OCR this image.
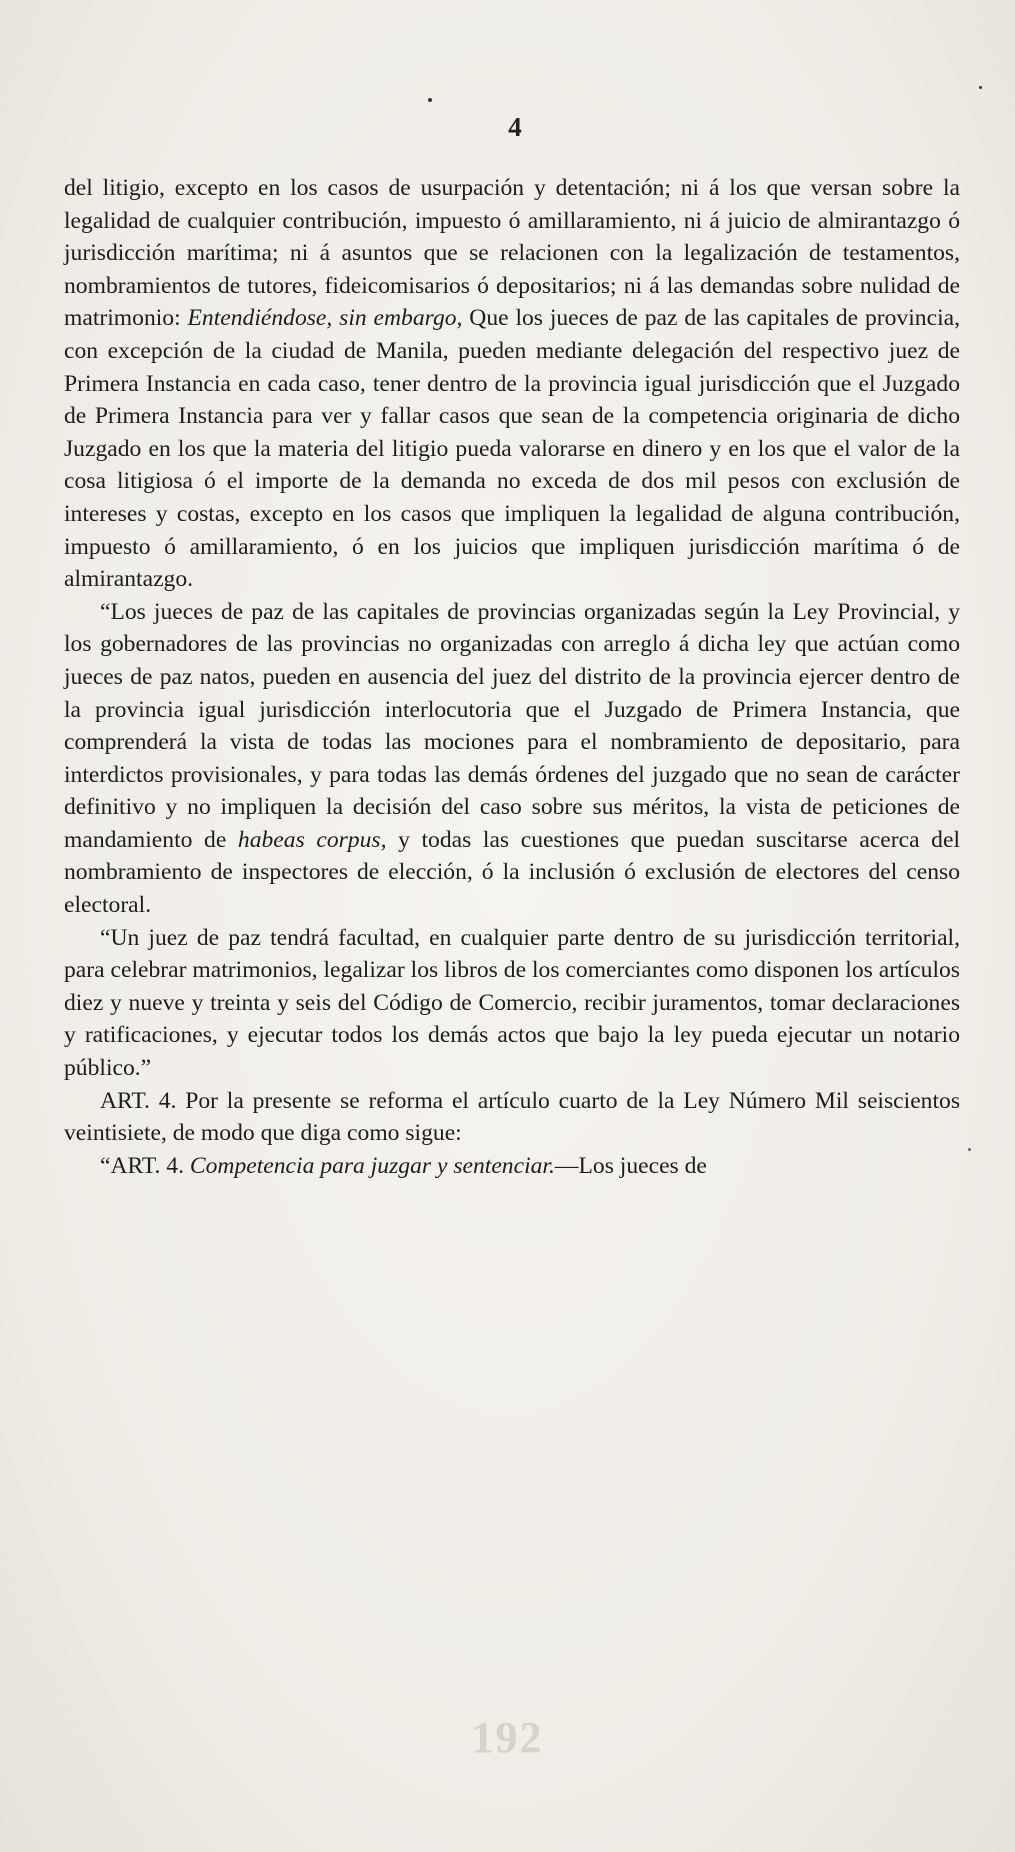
4

del litigio, excepto en los casos de usurpación y detentación; ni á los que versan sobre la legalidad de cualquier contribución, impuesto ó amillaramiento, ni á juicio de almirantazgo ó jurisdicción marítima; ni á asuntos que se relacionen con la legalización de testamentos, nombramientos de tutores, fideicomisarios ó depositarios; ni á las demandas sobre nulidad de matrimonio: Entendiéndose, sin embargo, Que los jueces de paz de las capitales de provincia, con excepción de la ciudad de Manila, pueden mediante delegación del respectivo juez de Primera Instancia en cada caso, tener dentro de la provincia igual jurisdicción que el Juzgado de Primera Instancia para ver y fallar casos que sean de la competencia originaria de dicho Juzgado en los que la materia del litigio pueda valorarse en dinero y en los que el valor de la cosa litigiosa ó el importe de la demanda no exceda de dos mil pesos con exclusión de intereses y costas, excepto en los casos que impliquen la legalidad de alguna contribución, impuesto ó amillaramiento, ó en los juicios que impliquen jurisdicción marítima ó de almirantazgo.

“Los jueces de paz de las capitales de provincias organizadas según la Ley Provincial, y los gobernadores de las provincias no organizadas con arreglo á dicha ley que actúan como jueces de paz natos, pueden en ausencia del juez del distrito de la provincia ejercer dentro de la provincia igual jurisdicción interlocutoria que el Juzgado de Primera Instancia, que comprenderá la vista de todas las mociones para el nombramiento de depositario, para interdictos provisionales, y para todas las demás órdenes del juzgado que no sean de carácter definitivo y no impliquen la decisión del caso sobre sus méritos, la vista de peticiones de mandamiento de habeas corpus, y todas las cuestiones que puedan suscitarse acerca del nombramiento de inspectores de elección, ó la inclusión ó exclusión de electores del censo electoral.

“Un juez de paz tendrá facultad, en cualquier parte dentro de su jurisdicción territorial, para celebrar matrimonios, legalizar los libros de los comerciantes como disponen los artículos diez y nueve y treinta y seis del Código de Comercio, recibir juramentos, tomar declaraciones y ratificaciones, y ejecutar todos los demás actos que bajo la ley pueda ejecutar un notario público.”

ART. 4. Por la presente se reforma el artículo cuarto de la Ley Número Mil seiscientos veintisiete, de modo que diga como sigue:

“ART. 4. Competencia para juzgar y sentenciar.—Los jueces de

192
